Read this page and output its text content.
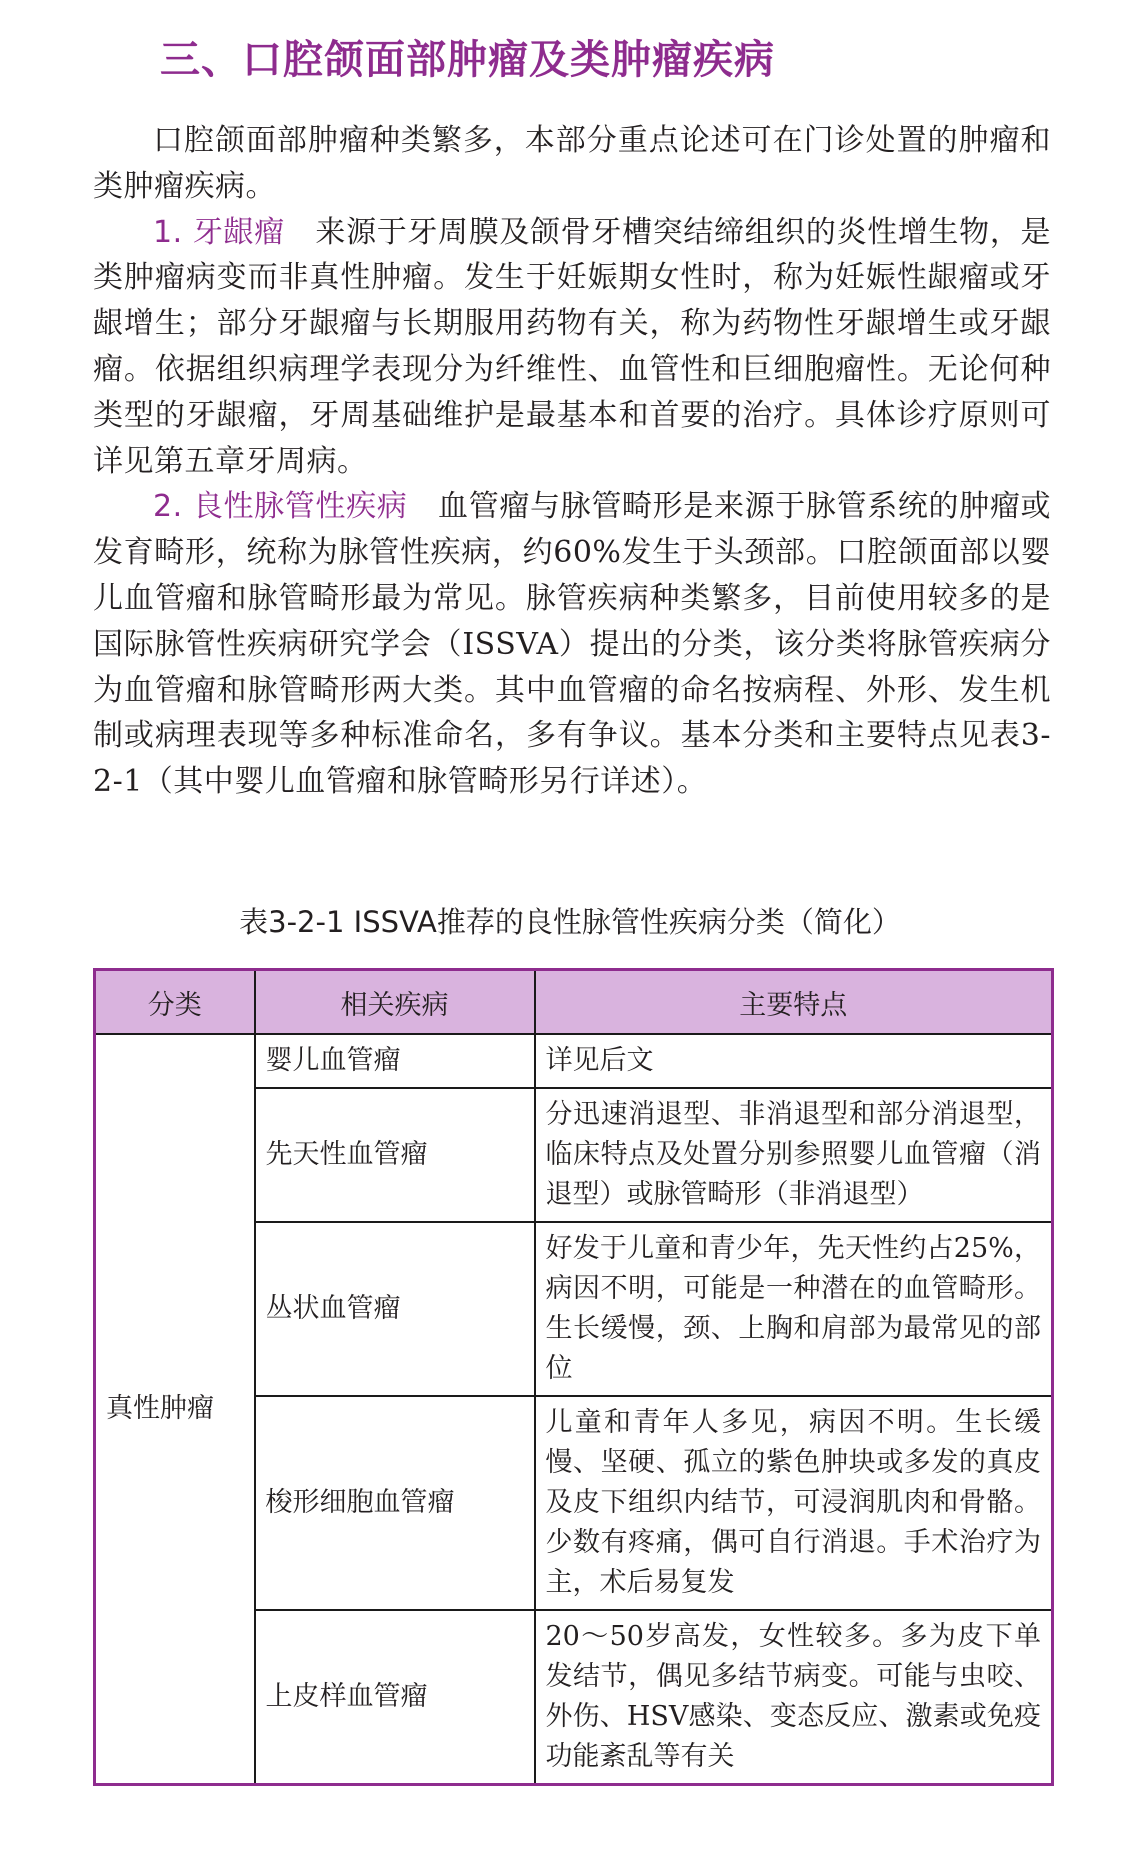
三、口腔颌面部肿瘤及类肿瘤疾病

口腔颌面部肿瘤种类繁多，本部分重点论述可在门诊处置的肿瘤和类肿瘤疾病。

1. 牙龈瘤  来源于牙周膜及颌骨牙槽突结缔组织的炎性增生物，是类肿瘤病变而非真性肿瘤。发生于妊娠期女性时，称为妊娠性龈瘤或牙龈增生；部分牙龈瘤与长期服用药物有关，称为药物性牙龈增生或牙龈瘤。依据组织病理学表现分为纤维性、血管性和巨细胞瘤性。无论何种类型的牙龈瘤，牙周基础维护是最基本和首要的治疗。具体诊疗原则可详见第五章牙周病。

2. 良性脉管性疾病  血管瘤与脉管畸形是来源于脉管系统的肿瘤或发育畸形，统称为脉管性疾病，约60%发生于头颈部。口腔颌面部以婴儿血管瘤和脉管畸形最为常见。脉管疾病种类繁多，目前使用较多的是国际脉管性疾病研究学会（ISSVA）提出的分类，该分类将脉管疾病分为血管瘤和脉管畸形两大类。其中血管瘤的命名按病程、外形、发生机制或病理表现等多种标准命名，多有争议。基本分类和主要特点见表3-2-1（其中婴儿血管瘤和脉管畸形另行详述）。

表3-2-1 ISSVA推荐的良性脉管性疾病分类（简化）

分类	相关疾病	主要特点
真性肿瘤	婴儿血管瘤	详见后文
	先天性血管瘤	分迅速消退型、非消退型和部分消退型，临床特点及处置分别参照婴儿血管瘤（消退型）或脉管畸形（非消退型）
	丛状血管瘤	好发于儿童和青少年，先天性约占25%，病因不明，可能是一种潜在的血管畸形。生长缓慢，颈、上胸和肩部为最常见的部位
	梭形细胞血管瘤	儿童和青年人多见，病因不明。生长缓慢、坚硬、孤立的紫色肿块或多发的真皮及皮下组织内结节，可浸润肌肉和骨骼。少数有疼痛，偶可自行消退。手术治疗为主，术后易复发
	上皮样血管瘤	20～50岁高发，女性较多。多为皮下单发结节，偶见多结节病变。可能与虫咬、外伤、HSV感染、变态反应、激素或免疫功能紊乱等有关
